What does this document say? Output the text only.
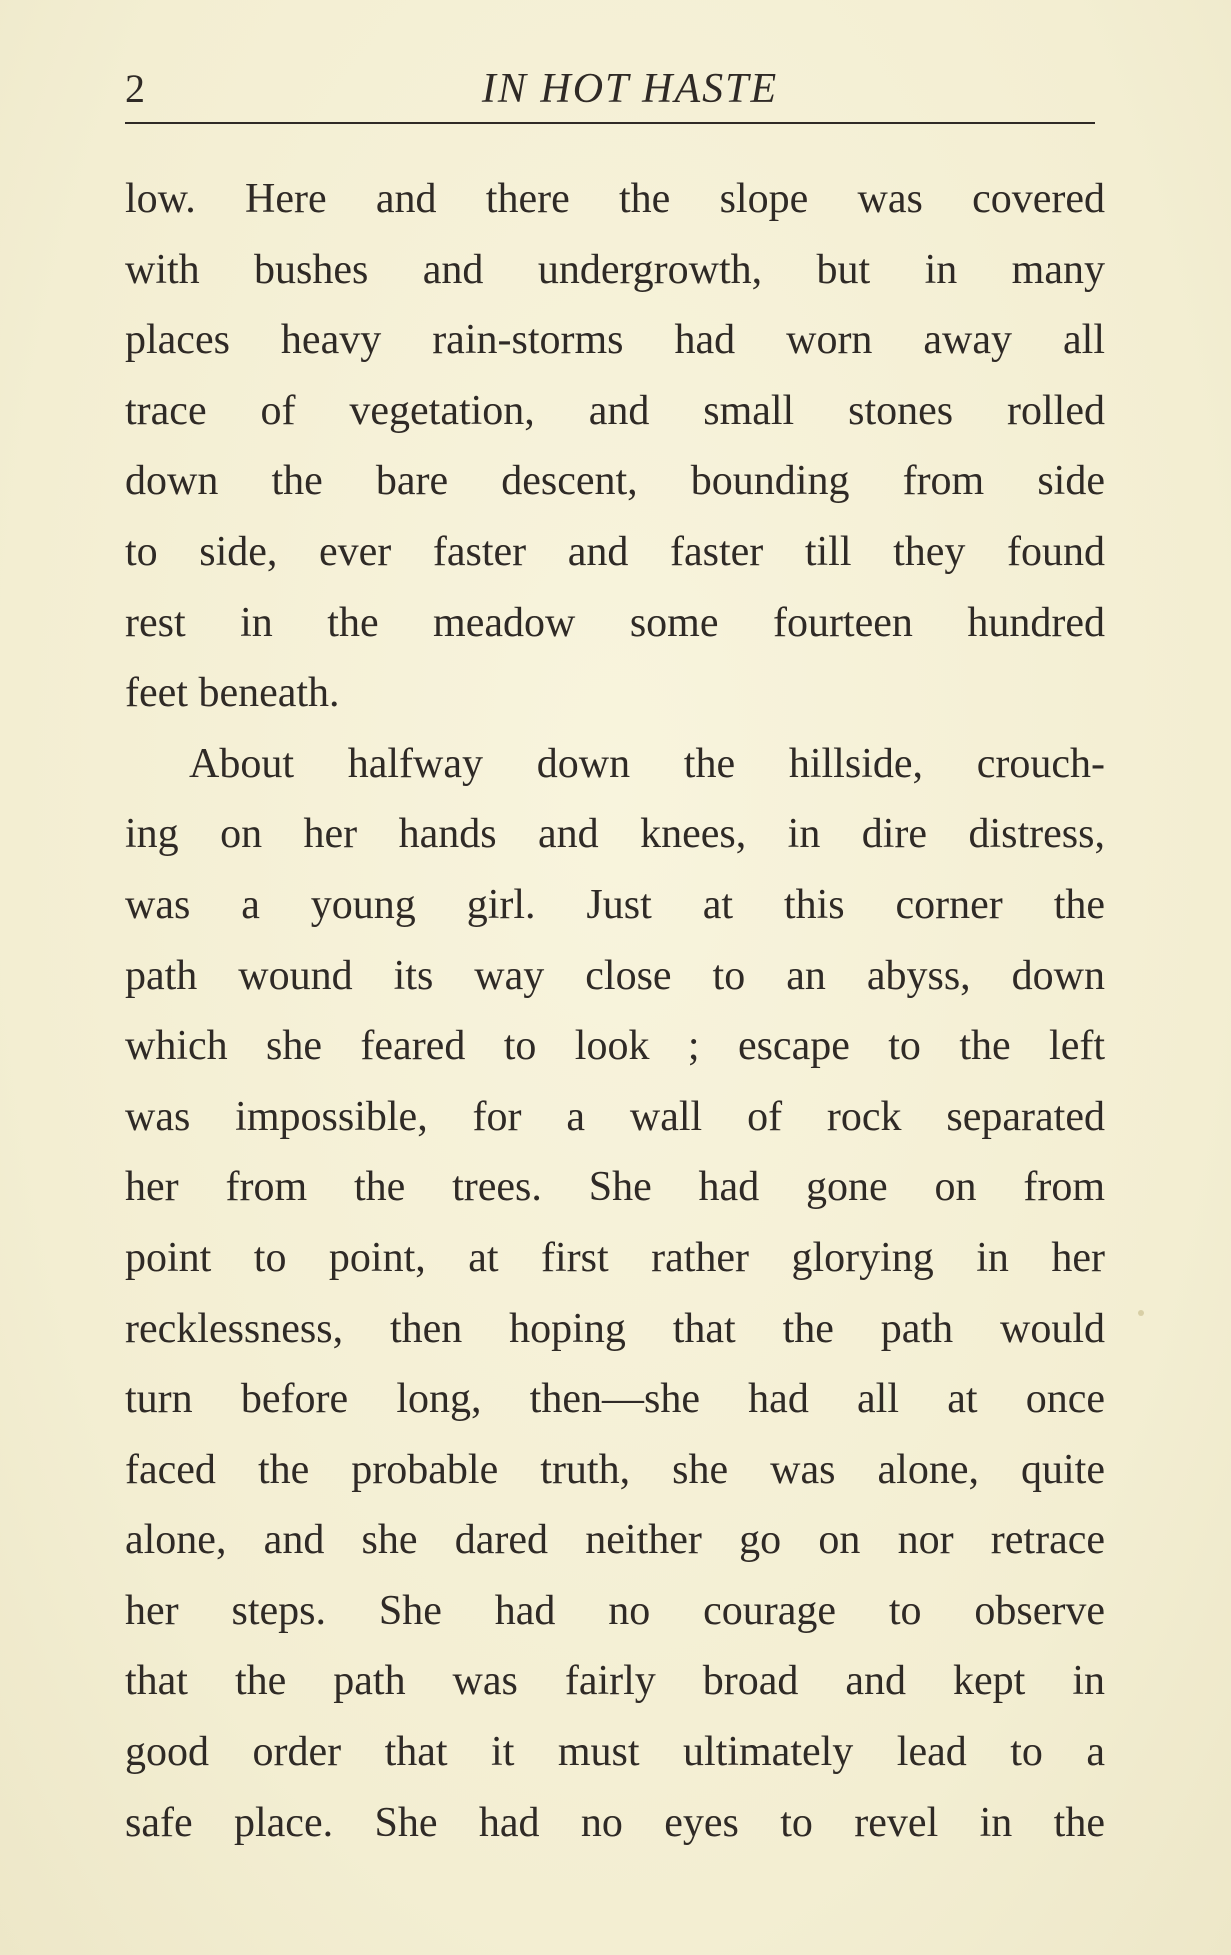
2	IN HOT HASTE
low. Here and there the slope was covered
with bushes and undergrowth, but in many
places heavy rain-storms had worn away all
trace of vegetation, and small stones rolled
down the bare descent, bounding from side
to side, ever faster and faster till they found
rest in the meadow some fourteen hundred
feet beneath.
About halfway down the hillside, crouch-
ing on her hands and knees, in dire distress,
was a young girl. Just at this corner the
path wound its way close to an abyss, down
which she feared to look ; escape to the left
was impossible, for a wall of rock separated
her from the trees. She had gone on from
point to point, at first rather glorying in her
recklessness, then hoping that the path would
turn before long, then—she had all at once
faced the probable truth, she was alone, quite
alone, and she dared neither go on nor retrace
her steps. She had no courage to observe
that the path was fairly broad and kept in
good order that it must ultimately lead to a
safe place. She had no eyes to revel in the
